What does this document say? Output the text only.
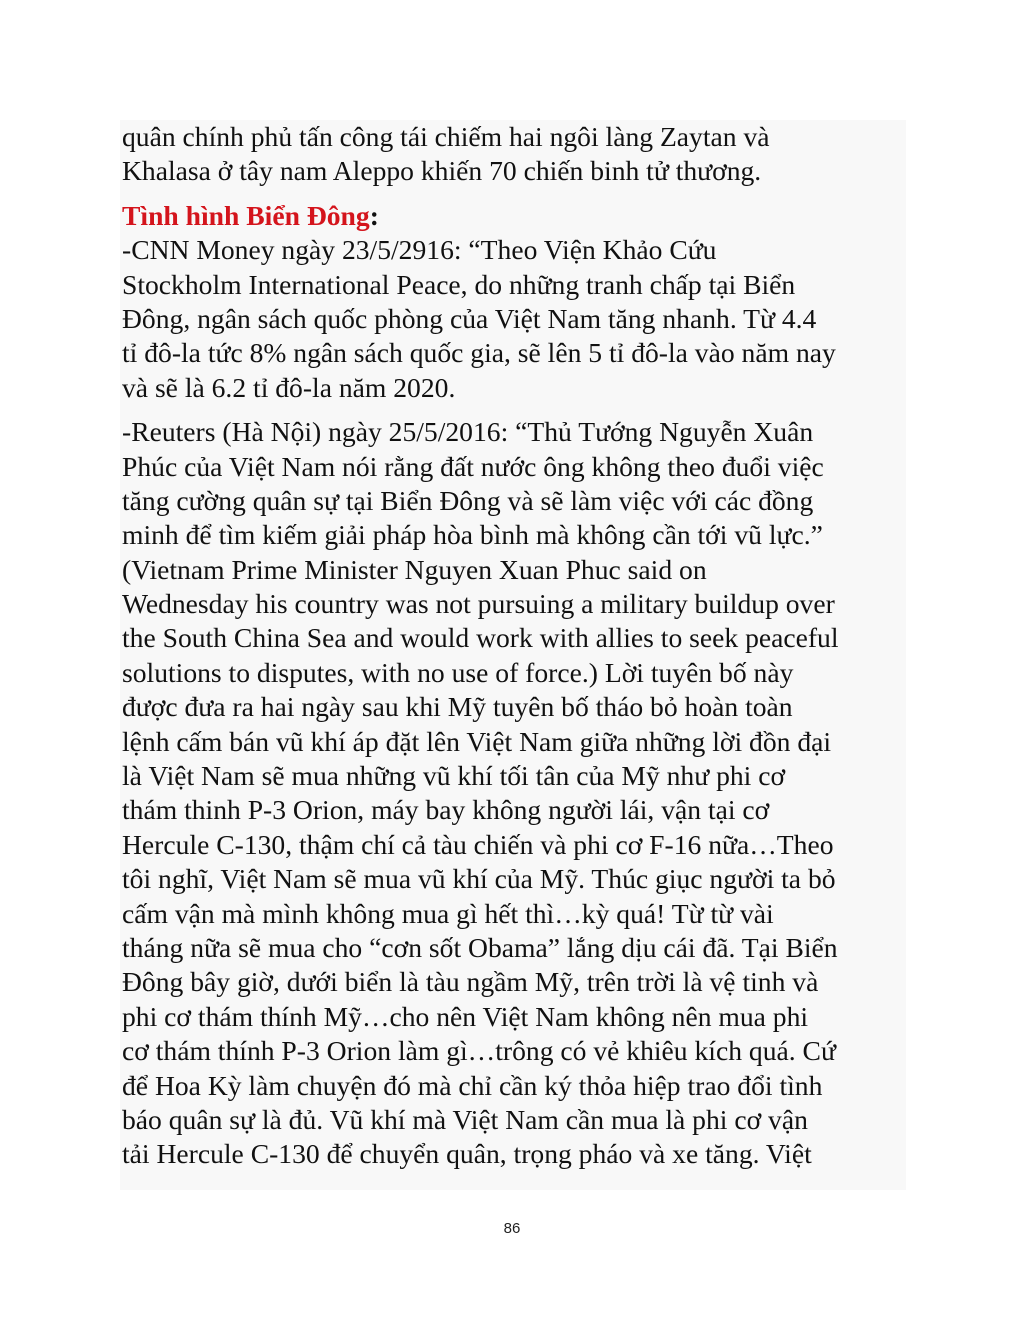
quân chính phủ tấn công tái chiếm hai ngôi làng Zaytan và
Khalasa ở tây nam Aleppo khiến 70 chiến binh tử thương.
Tình hình Biển Đông:
-CNN Money ngày 23/5/2916: “Theo Viện Khảo Cứu
Stockholm International Peace, do những tranh chấp tại Biển
Đông, ngân sách quốc phòng của Việt Nam tăng nhanh. Từ 4.4
tỉ đô-la tức 8% ngân sách quốc gia, sẽ lên 5 tỉ đô-la vào năm nay
và sẽ là 6.2 tỉ đô-la năm 2020.
-Reuters (Hà Nội) ngày 25/5/2016: “Thủ Tướng Nguyễn Xuân
Phúc của Việt Nam nói rằng đất nước ông không theo đuổi việc
tăng cường quân sự tại Biển Đông và sẽ làm việc với các đồng
minh để tìm kiếm giải pháp hòa bình mà không cần tới vũ lực.”
(Vietnam Prime Minister Nguyen Xuan Phuc said on
Wednesday his country was not pursuing a military buildup over
the South China Sea and would work with allies to seek peaceful
solutions to disputes, with no use of force.) Lời tuyên bố này
được đưa ra hai ngày sau khi Mỹ tuyên bố tháo bỏ hoàn toàn
lệnh cấm bán vũ khí áp đặt lên Việt Nam giữa những lời đồn đại
là Việt Nam sẽ mua những vũ khí tối tân của Mỹ như phi cơ
thám thinh P-3 Orion, máy bay không người lái, vận tại cơ
Hercule C-130, thậm chí cả tàu chiến và phi cơ F-16 nữa…Theo
tôi nghĩ, Việt Nam sẽ mua vũ khí của Mỹ. Thúc giục người ta bỏ
cấm vận mà mình không mua gì hết thì…kỳ quá! Từ từ vài
tháng nữa sẽ mua cho “cơn sốt Obama” lắng dịu cái đã. Tại Biển
Đông bây giờ, dưới biển là tàu ngầm Mỹ, trên trời là vệ tinh và
phi cơ thám thính Mỹ…cho nên Việt Nam không nên mua phi
cơ thám thính P-3 Orion làm gì…trông có vẻ khiêu kích quá. Cứ
để Hoa Kỳ làm chuyện đó mà chỉ cần ký thỏa hiệp trao đổi tình
báo quân sự là đủ. Vũ khí mà Việt Nam cần mua là phi cơ vận
tải Hercule C-130 để chuyển quân, trọng pháo và xe tăng. Việt
86
